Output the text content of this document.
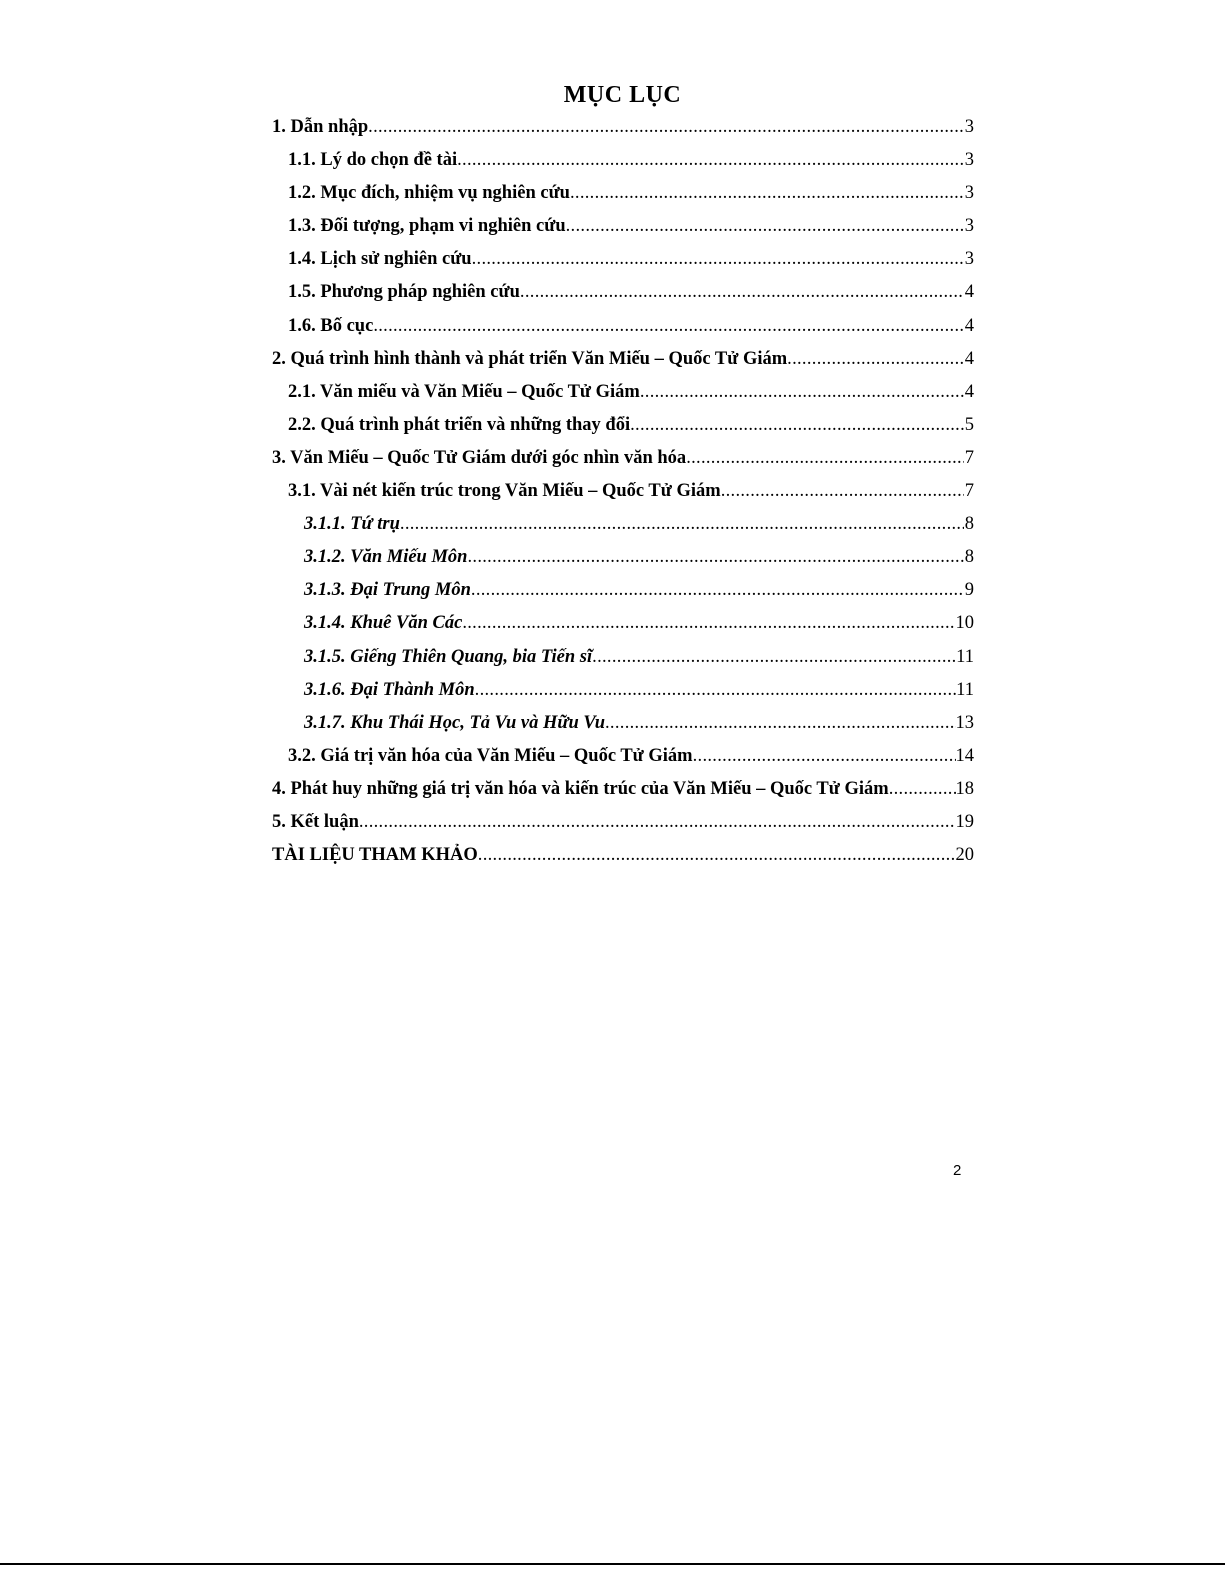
MỤC LỤC
1. Dẫn nhập .....	3
1.1. Lý do chọn đề tài .....	3
1.2. Mục đích, nhiệm vụ nghiên cứu .....	3
1.3. Đối tượng, phạm vi nghiên cứu .....	3
1.4. Lịch sử nghiên cứu .....	3
1.5. Phương pháp nghiên cứu .....	4
1.6. Bố cục .....	4
2. Quá trình hình thành và phát triển Văn Miếu – Quốc Tử Giám .....	4
2.1. Văn miếu và Văn Miếu – Quốc Tử Giám .....	4
2.2. Quá trình phát triển và những thay đổi .....	5
3. Văn Miếu – Quốc Tử Giám dưới góc nhìn văn hóa .....	7
3.1. Vài nét kiến trúc trong Văn Miếu – Quốc Tử Giám .....	7
3.1.1. Tứ trụ .....	8
3.1.2. Văn Miếu Môn .....	8
3.1.3. Đại Trung Môn .....	9
3.1.4. Khuê Văn Các .....	10
3.1.5. Giếng Thiên Quang, bia Tiến sĩ .....	11
3.1.6. Đại Thành Môn .....	11
3.1.7. Khu Thái Học, Tả Vu và Hữu Vu .....	13
3.2. Giá trị văn hóa của Văn Miếu – Quốc Tử Giám .....	14
4. Phát huy những giá trị văn hóa và kiến trúc của Văn Miếu – Quốc Tử Giám .....	18
5. Kết luận .....	19
TÀI LIỆU THAM KHẢO .....	20
2
